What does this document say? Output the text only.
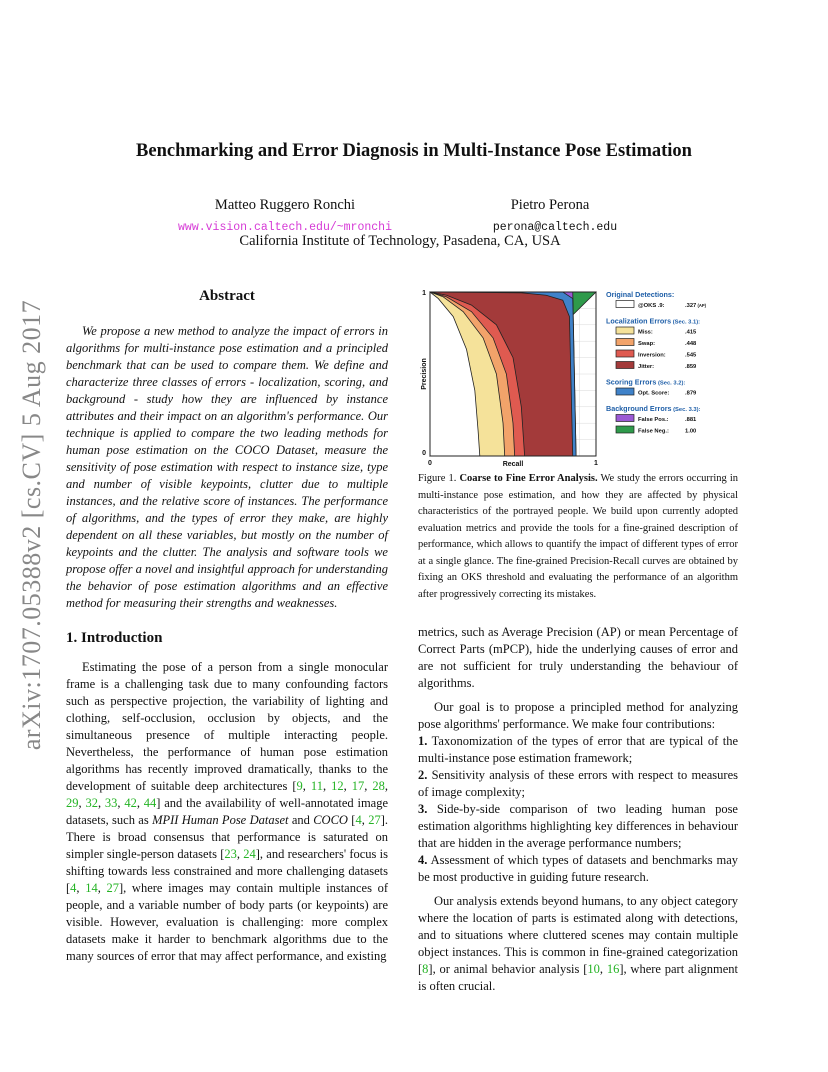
arXiv:1707.05388v2 [cs.CV] 5 Aug 2017
Benchmarking and Error Diagnosis in Multi-Instance Pose Estimation
Matteo Ruggero Ronchi
www.vision.caltech.edu/~mronchi
Pietro Perona
perona@caltech.edu
California Institute of Technology, Pasadena, CA, USA
Abstract

We propose a new method to analyze the impact of errors in algorithms for multi-instance pose estimation and a principled benchmark that can be used to compare them. We define and characterize three classes of errors - localization, scoring, and background - study how they are influenced by instance attributes and their impact on an algorithm's performance. Our technique is applied to compare the two leading methods for human pose estimation on the COCO Dataset, measure the sensitivity of pose estimation with respect to instance size, type and number of visible keypoints, clutter due to multiple instances, and the relative score of instances. The performance of algorithms, and the types of error they make, are highly dependent on all these variables, but mostly on the number of keypoints and the clutter. The analysis and software tools we propose offer a novel and insightful approach for understanding the behavior of pose estimation algorithms and an effective method for measuring their strengths and weaknesses.

1. Introduction

Estimating the pose of a person from a single monocular frame is a challenging task due to many confounding factors such as perspective projection, the variability of lighting and clothing, self-occlusion, occlusion by objects, and the simultaneous presence of multiple interacting people. Nevertheless, the performance of human pose estimation algorithms has recently improved dramatically, thanks to the development of suitable deep architectures [9, 11, 12, 17, 28, 29, 32, 33, 42, 44] and the availability of well-annotated image datasets, such as MPII Human Pose Dataset and COCO [4, 27]. There is broad consensus that performance is saturated on simpler single-person datasets [23, 24], and researchers' focus is shifting towards less constrained and more challenging datasets [4, 14, 27], where images may contain multiple instances of people, and a variable number of body parts (or keypoints) are visible. However, evaluation is challenging: more complex datasets make it harder to benchmark algorithms due to the many sources of error that may affect performance, and existing

1
0
0	1
Recall
Precision
Original Detections:
@OKS .9:	.327 (AP)
Localization Errors (Sec. 3.1):
Miss:	.415
Swap:	.448
Inversion:	.545
Jitter:	.859
Scoring Errors (Sec. 3.2):
Opt. Score:	.879
Background Errors (Sec. 3.3):
False Pos.:	.881
False Neg.:	1.00
Figure 1. Coarse to Fine Error Analysis. We study the errors occurring in multi-instance pose estimation, and how they are affected by physical characteristics of the portrayed people. We build upon currently adopted evaluation metrics and provide the tools for a fine-grained description of performance, which allows to quantify the impact of different types of error at a single glance. The fine-grained Precision-Recall curves are obtained by fixing an OKS threshold and evaluating the performance of an algorithm after progressively correcting its mistakes.

metrics, such as Average Precision (AP) or mean Percentage of Correct Parts (mPCP), hide the underlying causes of error and are not sufficient for truly understanding the behaviour of algorithms.

Our goal is to propose a principled method for analyzing pose algorithms' performance. We make four contributions:

1. Taxonomization of the types of error that are typical of the multi-instance pose estimation framework;

2. Sensitivity analysis of these errors with respect to measures of image complexity;

3. Side-by-side comparison of two leading human pose estimation algorithms highlighting key differences in behaviour that are hidden in the average performance numbers;

4. Assessment of which types of datasets and benchmarks may be most productive in guiding future research.

Our analysis extends beyond humans, to any object category where the location of parts is estimated along with detections, and to situations where cluttered scenes may contain multiple object instances. This is common in fine-grained categorization [8], or animal behavior analysis [10, 16], where part alignment is often crucial.
